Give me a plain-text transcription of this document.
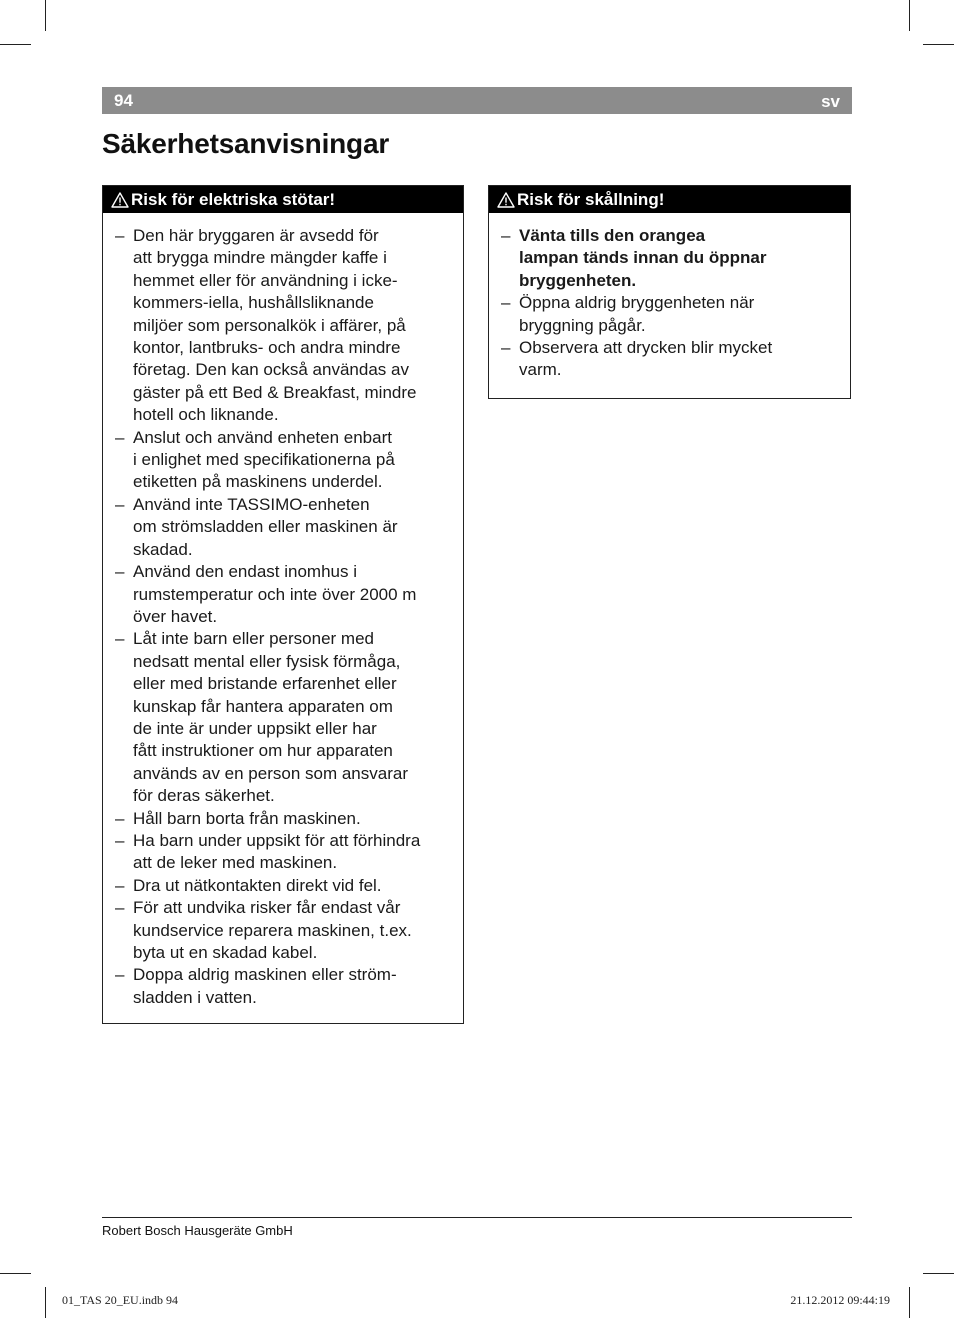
94	sv
Säkerhetsanvisningar
Risk för elektriska stötar!
– Den här bryggaren är avsedd för
att brygga mindre mängder kaffe i
hemmet eller för användning i icke-
kommers-iella, hushållsliknande
miljöer som personalkök i affärer, på
kontor, lantbruks- och andra mindre
företag. Den kan också användas av
gäster på ett Bed & Breakfast, mindre
hotell och liknande.
– Anslut och använd enheten enbart
i enlighet med specifikationerna på
etiketten på maskinens underdel.
– Använd inte TASSIMO-enheten
om strömsladden eller maskinen är
skadad.
– Använd den endast inomhus i
rumstemperatur och inte över 2000 m
över havet.
– Låt inte barn eller personer med
nedsatt mental eller fysisk förmåga,
eller med bristande erfarenhet eller
kunskap får hantera apparaten om
de inte är under uppsikt eller har
fått instruktioner om hur apparaten
används av en person som ansvarar
för deras säkerhet.
– Håll barn borta från maskinen.
– Ha barn under uppsikt för att förhindra
att de leker med maskinen.
– Dra ut nätkontakten direkt vid fel.
– För att undvika risker får endast vår
kundservice reparera maskinen, t.ex.
byta ut en skadad kabel.
– Doppa aldrig maskinen eller ström-
sladden i vatten.
Risk för skållning!
– Vänta tills den orangea
lampan tänds innan du öppnar
bryggenheten.
– Öppna aldrig bryggenheten när
bryggning pågår.
– Observera att drycken blir mycket
varm.
Robert Bosch Hausgeräte GmbH
01_TAS 20_EU.indb 94	21.12.2012 09:44:19
